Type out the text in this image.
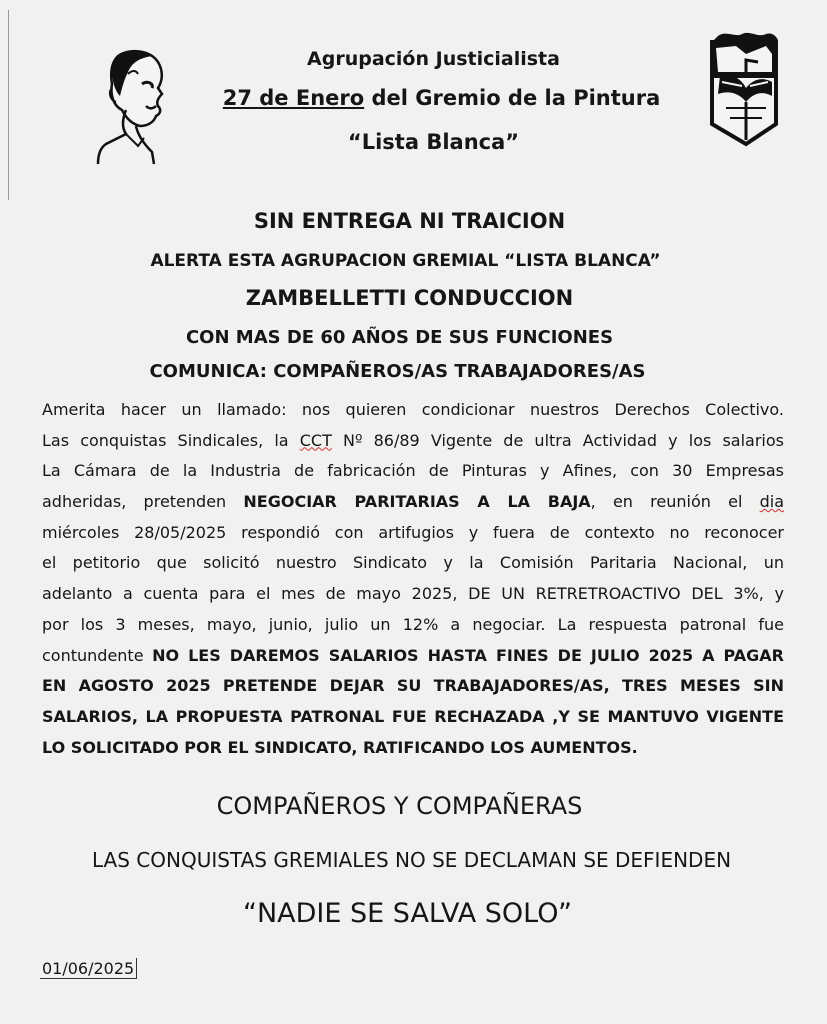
Agrupación Justicialista
27 de Enero del Gremio de la Pintura
“Lista Blanca”
SIN ENTREGA NI TRAICION
ALERTA ESTA AGRUPACION GREMIAL “LISTA BLANCA”
ZAMBELLETTI CONDUCCION
CON MAS DE 60 AÑOS DE SUS FUNCIONES
COMUNICA: COMPAÑEROS/AS TRABAJADORES/AS
Amerita hacer un llamado: nos quieren condicionar nuestros Derechos Colectivo.
Las conquistas Sindicales, la CCT Nº 86/89 Vigente de ultra Actividad y los salarios
La Cámara de la Industria de fabricación de Pinturas y Afines, con 30 Empresas
adheridas, pretenden NEGOCIAR PARITARIAS A LA BAJA, en reunión el dia
miércoles 28/05/2025 respondió con artifugios y fuera de contexto no reconocer
el petitorio que solicitó nuestro Sindicato y la Comisión Paritaria Nacional, un
adelanto a cuenta para el mes de mayo 2025, DE UN RETRETROACTIVO DEL 3%, y
por los 3 meses, mayo, junio, julio un 12% a negociar. La respuesta patronal fue
contundente NO LES DAREMOS SALARIOS HASTA FINES DE JULIO 2025 A PAGAR
EN AGOSTO 2025 PRETENDE DEJAR SU TRABAJADORES/AS, TRES MESES SIN
SALARIOS, LA PROPUESTA PATRONAL FUE RECHAZADA ,Y SE MANTUVO VIGENTE
LO SOLICITADO POR EL SINDICATO, RATIFICANDO LOS AUMENTOS.
COMPAÑEROS Y COMPAÑERAS
LAS CONQUISTAS GREMIALES NO SE DECLAMAN SE DEFIENDEN
“NADIE SE SALVA SOLO”
01/06/2025
